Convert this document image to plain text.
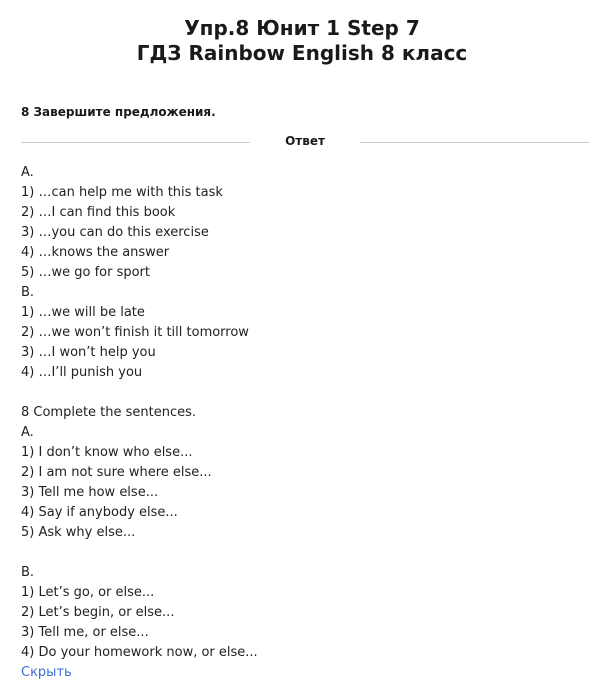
Упр.8 Юнит 1 Step 7
ГДЗ Rainbow English 8 класс
8 Завершите предложения.
Ответ
A.
1) …can help me with this task
2) …I can find this book
3) …you can do this exercise
4) …knows the answer
5) …we go for sport
B.
1) …we will be late
2) …we won’t finish it till tomorrow
3) …I won’t help you
4) …I’ll punish you
8 Complete the sentences.
A.
1) I don’t know who else...
2) I am not sure where else...
3) Tell me how else...
4) Say if anybody else...
5) Ask why else...
B.
1) Let’s go, or else...
2) Let’s begin, or else...
3) Tell me, or else...
4) Do your homework now, or else...
Скрыть
